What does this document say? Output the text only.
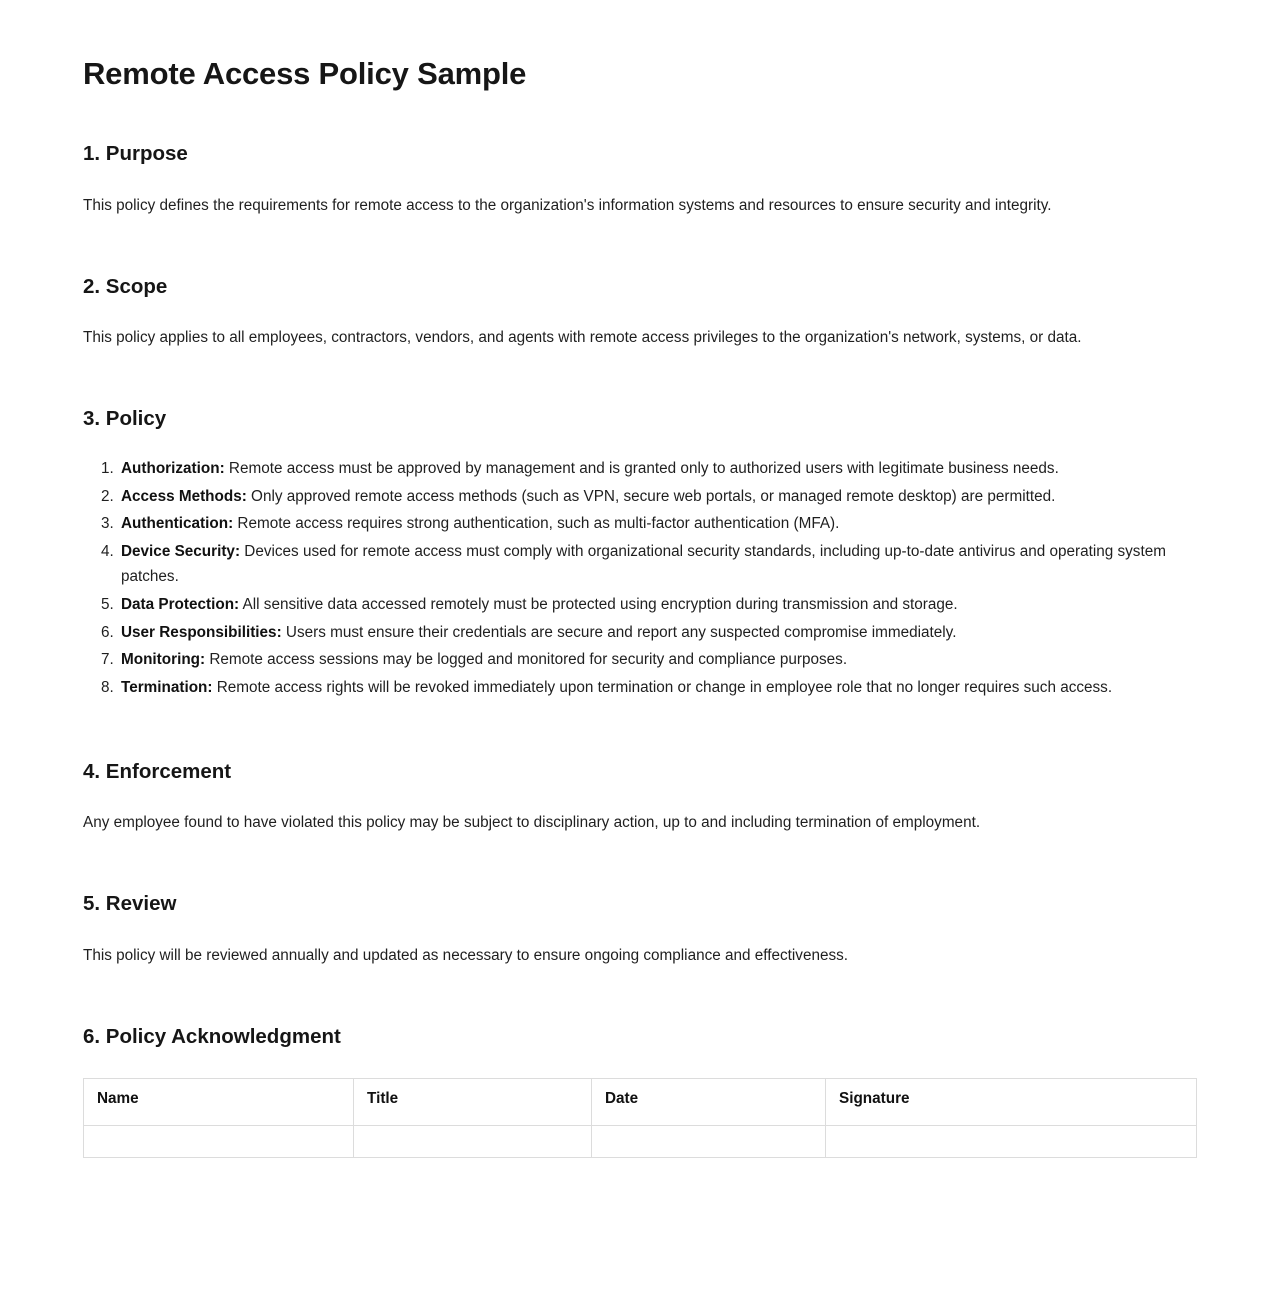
Remote Access Policy Sample
1. Purpose

This policy defines the requirements for remote access to the organization's information systems and resources to ensure security and integrity.

2. Scope

This policy applies to all employees, contractors, vendors, and agents with remote access privileges to the organization's network, systems, or data.

3. Policy
1. Authorization: Remote access must be approved by management and is granted only to authorized users with legitimate business needs.
2. Access Methods: Only approved remote access methods (such as VPN, secure web portals, or managed remote desktop) are permitted.
3. Authentication: Remote access requires strong authentication, such as multi-factor authentication (MFA).
4. Device Security: Devices used for remote access must comply with organizational security standards, including up-to-date antivirus and operating system patches.
5. Data Protection: All sensitive data accessed remotely must be protected using encryption during transmission and storage.
6. User Responsibilities: Users must ensure their credentials are secure and report any suspected compromise immediately.
7. Monitoring: Remote access sessions may be logged and monitored for security and compliance purposes.
8. Termination: Remote access rights will be revoked immediately upon termination or change in employee role that no longer requires such access.
4. Enforcement

Any employee found to have violated this policy may be subject to disciplinary action, up to and including termination of employment.

5. Review

This policy will be reviewed annually and updated as necessary to ensure ongoing compliance and effectiveness.

6. Policy Acknowledgment
Name	Title	Date	Signature
